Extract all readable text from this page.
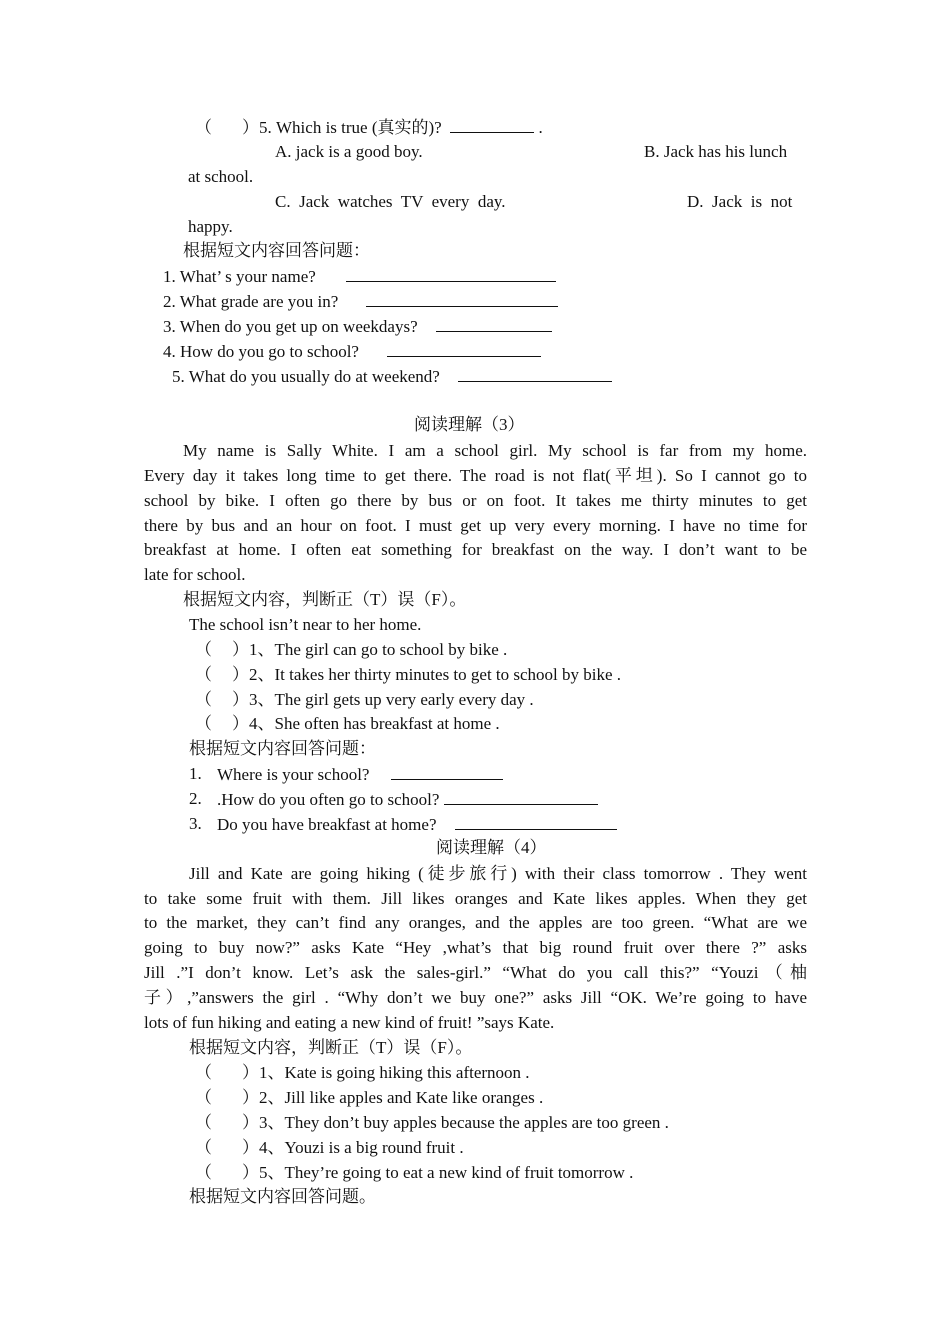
（ ）5. Which is true (真实的)?	.
A. jack is a good boy.	B. Jack has his lunch
at school.
C.  Jack  watches  TV  every  day.	D.  Jack  is  not
happy.
根据短文内容回答问题：
1. What’ s your name?
2. What grade are you in?
3. When do you get up on weekdays?
4. How do you go to school?
5. What do you usually do at weekend?
阅读理解（3）
My name is Sally White. I am a school girl. My school is far from my home.
Every day it takes long time to get there. The road is not flat(平坦). So I cannot go to
school by bike. I often go there by bus or on foot. It takes me thirty minutes to get
there by bus and an hour on foot. I must get up very every morning. I have no time for
breakfast at home. I often eat something for breakfast on the way. I don’t want to be
late for school.
根据短文内容，判断正（T）误（F）。
The school isn’t near to her home.
（ ）1、The girl can go to school by bike .
（ ）2、It takes her thirty minutes to get to school by bike .
（ ）3、The girl gets up very early every day .
（ ）4、She often has breakfast at home .
根据短文内容回答问题：
1. Where is your school?
2. .How do you often go to school?
3. Do you have breakfast at home?
阅读理解（4）
Jill and Kate are going hiking (徒步旅行) with their class tomorrow . They went
to take some fruit with them. Jill likes oranges and Kate likes apples. When they get
to the market, they can’t find any oranges, and the apples are too green. “What are we
going to buy now?” asks Kate “Hey ,what’s that big round fruit over there ?” asks
Jill .”I don’t know. Let’s ask the sales-girl.” “What do you call this?” “Youzi（柚
子）,”answers the girl . “Why don’t we buy one?” asks Jill “OK. We’re going to have
lots of fun hiking and eating a new kind of fruit! ”says Kate.
根据短文内容，判断正（T）误（F）。
（ ）1、Kate is going hiking this afternoon .
（ ）2、Jill like apples and Kate like oranges .
（ ）3、They don’t buy apples because the apples are too green .
（ ）4、Youzi is a big round fruit .
（ ）5、They’re going to eat a new kind of fruit tomorrow .
根据短文内容回答问题。
